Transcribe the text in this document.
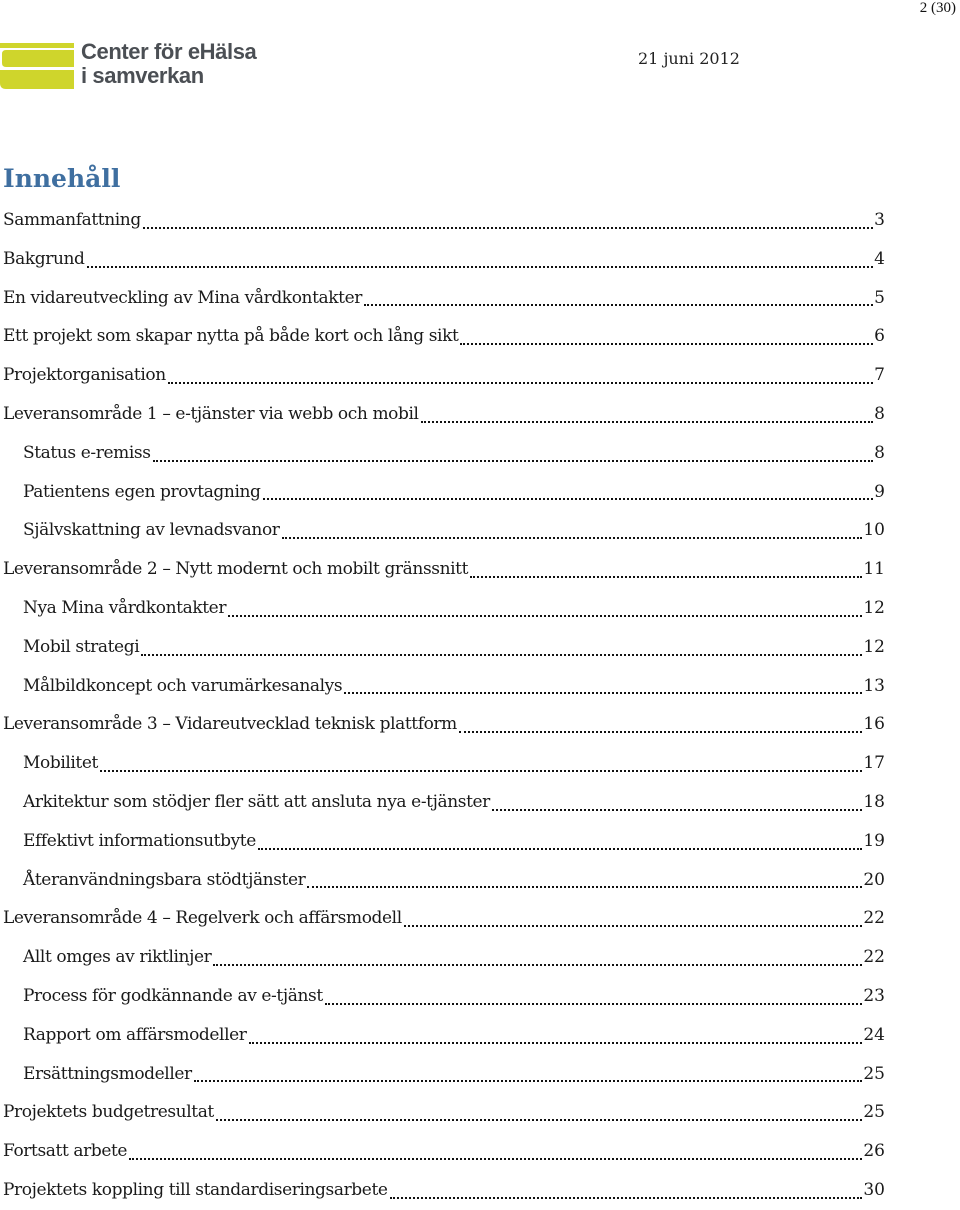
2 (30)
Center för eHälsa
i samverkan
21 juni 2012
Innehåll
Sammanfattning	3
Bakgrund	4
En vidareutveckling av Mina vårdkontakter	5
Ett projekt som skapar nytta på både kort och lång sikt	6
Projektorganisation	7
Leveransområde 1 – e-tjänster via webb och mobil	8
Status e-remiss	8
Patientens egen provtagning	9
Självskattning av levnadsvanor	10
Leveransområde 2 – Nytt modernt och mobilt gränssnitt	11
Nya Mina vårdkontakter	12
Mobil strategi	12
Målbildkoncept och varumärkesanalys	13
Leveransområde 3 – Vidareutvecklad teknisk plattform	16
Mobilitet	17
Arkitektur som stödjer fler sätt att ansluta nya e-tjänster	18
Effektivt informationsutbyte	19
Återanvändningsbara stödtjänster	20
Leveransområde 4 – Regelverk och affärsmodell	22
Allt omges av riktlinjer	22
Process för godkännande av e-tjänst	23
Rapport om affärsmodeller	24
Ersättningsmodeller	25
Projektets budgetresultat	25
Fortsatt arbete	26
Projektets koppling till standardiseringsarbete	30
